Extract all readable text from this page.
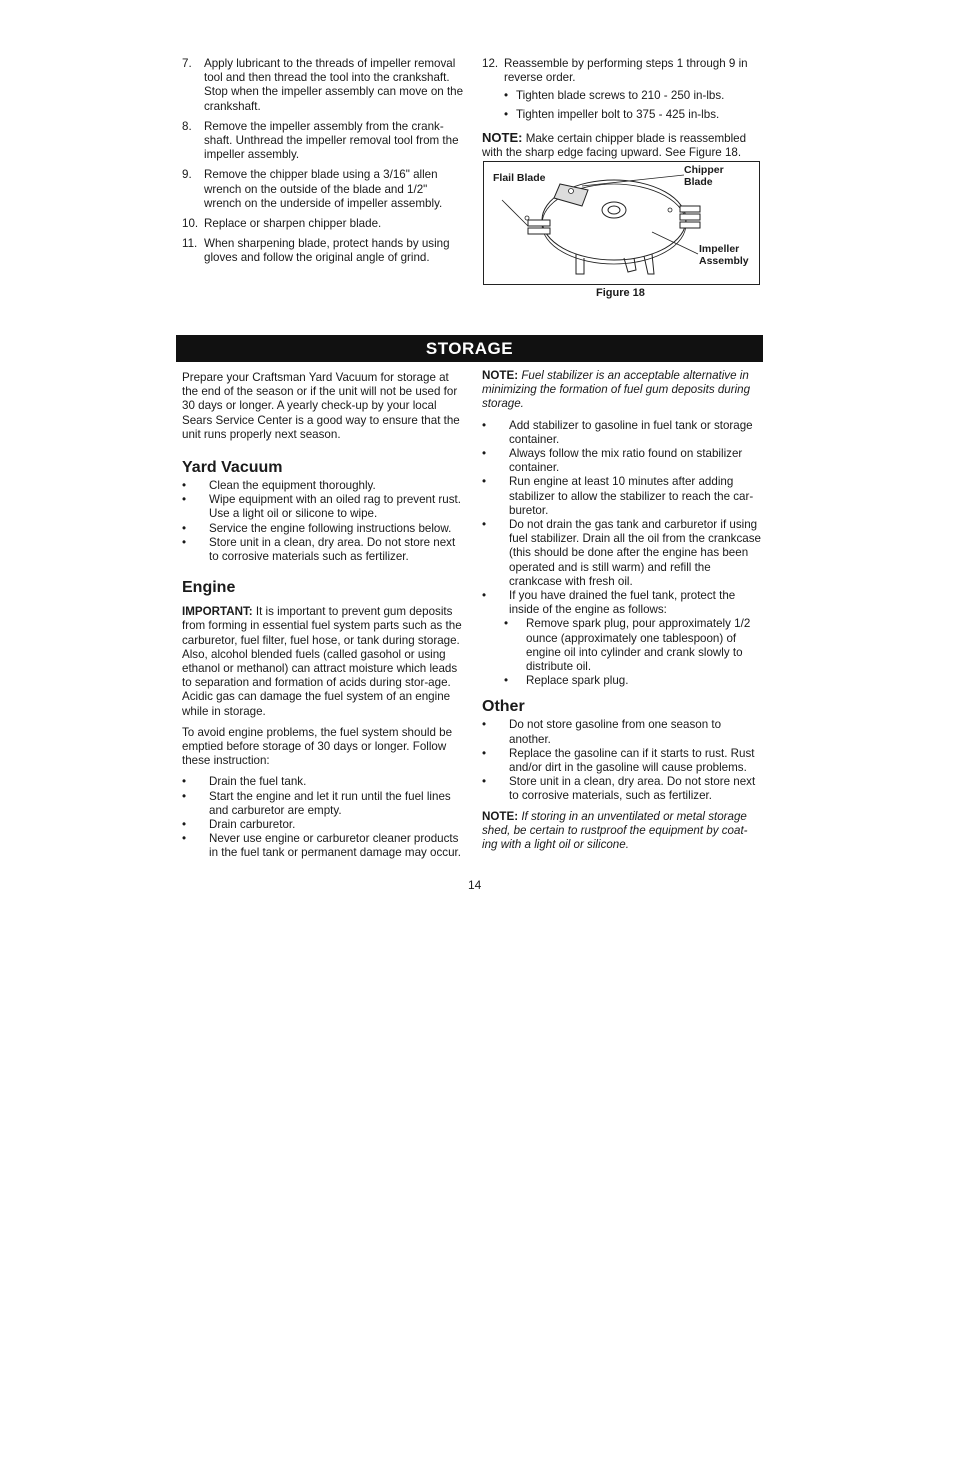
7.	Apply lubricant to the threads of impeller removal tool and then thread the tool into the crankshaft. Stop when the impeller assembly can move on the crankshaft.
8.	Remove the impeller assembly from the crank-shaft. Unthread the impeller removal tool from the impeller assembly.
9.	Remove the chipper blade using a 3/16" allen wrench on the outside of the blade and 1/2" wrench on the underside of impeller assembly.
10. Replace or sharpen chipper blade.
11. When sharpening blade, protect hands by using gloves and follow the original angle of grind.
12. Reassemble by performing steps 1 through 9 in reverse order.
• Tighten blade screws to 210 - 250 in-lbs.
• Tighten impeller bolt to 375 - 425 in-lbs.
NOTE: Make certain chipper blade is reassembled with the sharp edge facing upward. See Figure 18.
Flail Blade
Chipper Blade
Impeller Assembly
Figure 18
STORAGE

Prepare your Craftsman Yard Vacuum for storage at the end of the season or if the unit will not be used for 30 days or longer. A yearly check-up by your local Sears Service Center is a good way to ensure that the unit runs properly next season.

Yard Vacuum
•	Clean the equipment thoroughly.
•	Wipe equipment with an oiled rag to prevent rust. Use a light oil or silicone to wipe.
•	Service the engine following instructions below.
•	Store unit in a clean, dry area. Do not store next to corrosive materials such as fertilizer.
Engine

IMPORTANT: It is important to prevent gum deposits from forming in essential fuel system parts such as the carburetor, fuel filter, fuel hose, or tank during storage. Also, alcohol blended fuels (called gasohol or using ethanol or methanol) can attract moisture which leads to separation and formation of acids during stor-age. Acidic gas can damage the fuel system of an engine while in storage.

To avoid engine problems, the fuel system should be emptied before storage of 30 days or longer. Follow these instruction:

•	Drain the fuel tank.
•	Start the engine and let it run until the fuel lines and carburetor are empty.
•	Drain carburetor.
•	Never use engine or carburetor cleaner products in the fuel tank or permanent damage may occur.

NOTE: Fuel stabilizer is an acceptable alternative in minimizing the formation of fuel gum deposits during storage.

•	Add stabilizer to gasoline in fuel tank or storage container.
•	Always follow the mix ratio found on stabilizer container.
•	Run engine at least 10 minutes after adding stabilizer to allow the stabilizer to reach the car-buretor.
•	Do not drain the gas tank and carburetor if using fuel stabilizer. Drain all the oil from the crankcase (this should be done after the engine has been operated and is still warm) and refill the crankcase with fresh oil.
•	If you have drained the fuel tank, protect the inside of the engine as follows:
•	Remove spark plug, pour approximately 1/2 ounce (approximately one tablespoon) of engine oil into cylinder and crank slowly to distribute oil.
•	Replace spark plug.
Other
•	Do not store gasoline from one season to another.
•	Replace the gasoline can if it starts to rust. Rust and/or dirt in the gasoline will cause problems.
•	Store unit in a clean, dry area. Do not store next to corrosive materials, such as fertilizer.

NOTE: If storing in an unventilated or metal storage shed, be certain to rustproof the equipment by coat-ing with a light oil or silicone.

14
